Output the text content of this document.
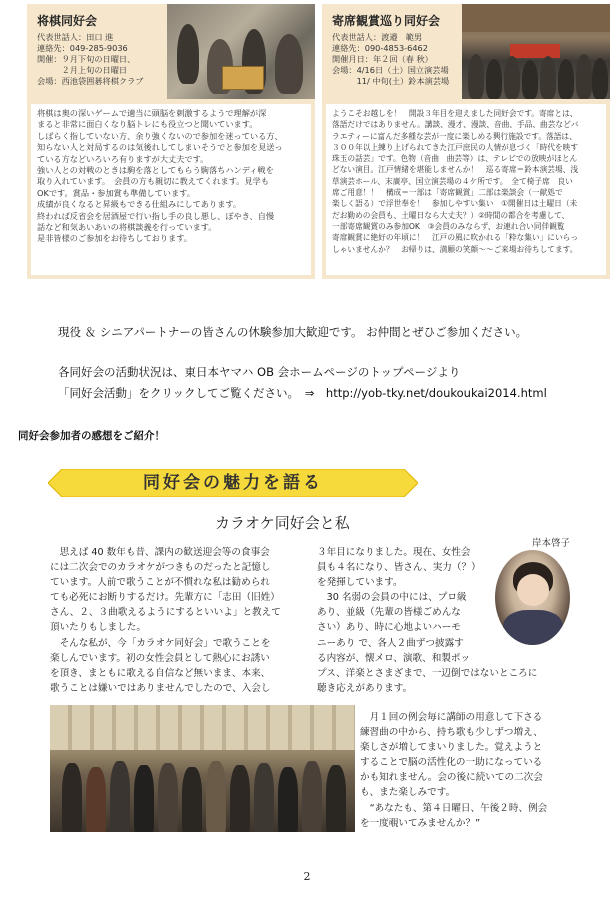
将棋同好会
代表世話人：田口 進
連絡先：049-285-9036
開催：９月下旬の日曜日、
　　　２月上旬の日曜日
会場：西池袋囲碁将棋クラブ
将棋は奥の深いゲームで適当に頭脳を刺激するようで理解が深
まると非常に面白くなり脳トレにも役立つと聞いています。
しばらく指していない方、余り強くないので参加を迷っている方、
知らない人と対局するのは気後れしてしまいそうでと参加を見送っ
ている方などいろいろ有りますが大丈夫です。
強い人との対戦のときは駒を落としてもらう駒落ちハンディ戦を
取り入れています。　会員の方も親切に教えてくれます。見学も
OKです。賞品・参加賞も準備しています。
成績が良くなると昇級もできる仕組みにしてあります。
終われば反省会を居酒屋で行い指し手の良し悪し、ぼやき、自慢
話など和気あいあいの将棋談義を行っています。
是非皆様のご参加をお待ちしております。
寄席観賞巡り同好会
代表世話人：渡邉　範男
連絡先：090-4853-6462
開催月日：年２回（春 秋）
会場：4/16日（土）国立演芸場
　　　11/ 中旬(土）鈴本演芸場
ようこそお越しを！　開設３年目を迎えました同好会です。寄席とは、
落語だけではありません。講談、漫才、漫談、音曲、手品、曲芸などバ
ラエティーに富んだ多種な芸が一度に楽しめる興行施設です。落語は、
３００年以上練り上げられてきた江戸庶民の人情が息づく「時代を映す
珠玉の話芸」です。色物（音曲　曲芸等）は、テレビでの放映がほとん
どない演目。江戸情緒を堪能しませんか！　巡る寄席＝鈴本演芸場、浅
草演芸ホール、末廣亭、国立演芸場の４ケ所です。　全て椅子席　良い
席ご用意！！　構成＝一部は「寄席観賞」二部は楽談会（一献処で
楽しく語る）で浮世奉を！　参加しやすい集い　①開催日は土曜日（未
だお勤めの会員も、土曜日なら大丈夫？）②時間の都合を考慮して、
一部寄席観賞のみ参加OK　③会員のみならず、お連れ合い同伴観覧
寄席観賞に絶好の年頃に！　江戸の風に吹かれる「粋な集い」にいらっ
しゃいませんか？　お帰りは、満願の笑顔～～ご来場お待ちしてます。
現役 ＆ シニアパートナーの皆さんの休験参加大歓迎です。 お仲間とぜひご参加ください。
各同好会の活動状況は、東日本ヤマハ OB 会ホームページのトップページより
「同好会活動」をクリックしてご覧ください。　⇒　http://yob-tky.net/doukoukai2014.html
同好会参加者の感想をご紹介！
同好会の魅力を語る
カラオケ同好会と私
岸本啓子
　思えば 40 数年も昔、課内の歓送迎会等の食事会
には二次会でのカラオケがつきものだったと記憶し
ています。人前で歌うことが不慣れな私は勧められ
ても必死にお断りするだけ。先輩方に「志田（旧姓）
さん、２、３曲歌えるようにするといいよ」と教えて
頂いたりもしました。
　そんな私が、今「カラオケ同好会」で歌うことを
楽しんでいます。初の女性会員として熱心にお誘い
を頂き、まともに歌える自信など無いまま、本来、
歌うことは嫌いではありませんでしたので、入会し
３年目になりました。現在、女性会
員も４名になり、皆さん、実力（？）
を発揮しています。
　30 名弱の会員の中には、プロ級
あり、並級（先輩の皆様ごめんな
さい）あり、時に心地よいハーモ
ニーあり で、各人２曲ずつ披露す
る内容が、懐メロ、演歌、和製ポッ
プス、洋楽とさまざまで、一辺倒ではないところに
聴き応えがあります。
　月１回の例会毎に講師の用意して下さる
練習曲の中から、持ち歌も少しずつ増え、
楽しさが増してまいりました。覚えようと
することで脳の活性化の一助になっている
かも知れません。会の後に続いての二次会
も、また楽しみです。
　“あなたも、第４日曜日、午後２時、例会
を一度覗いてみませんか？”
2
